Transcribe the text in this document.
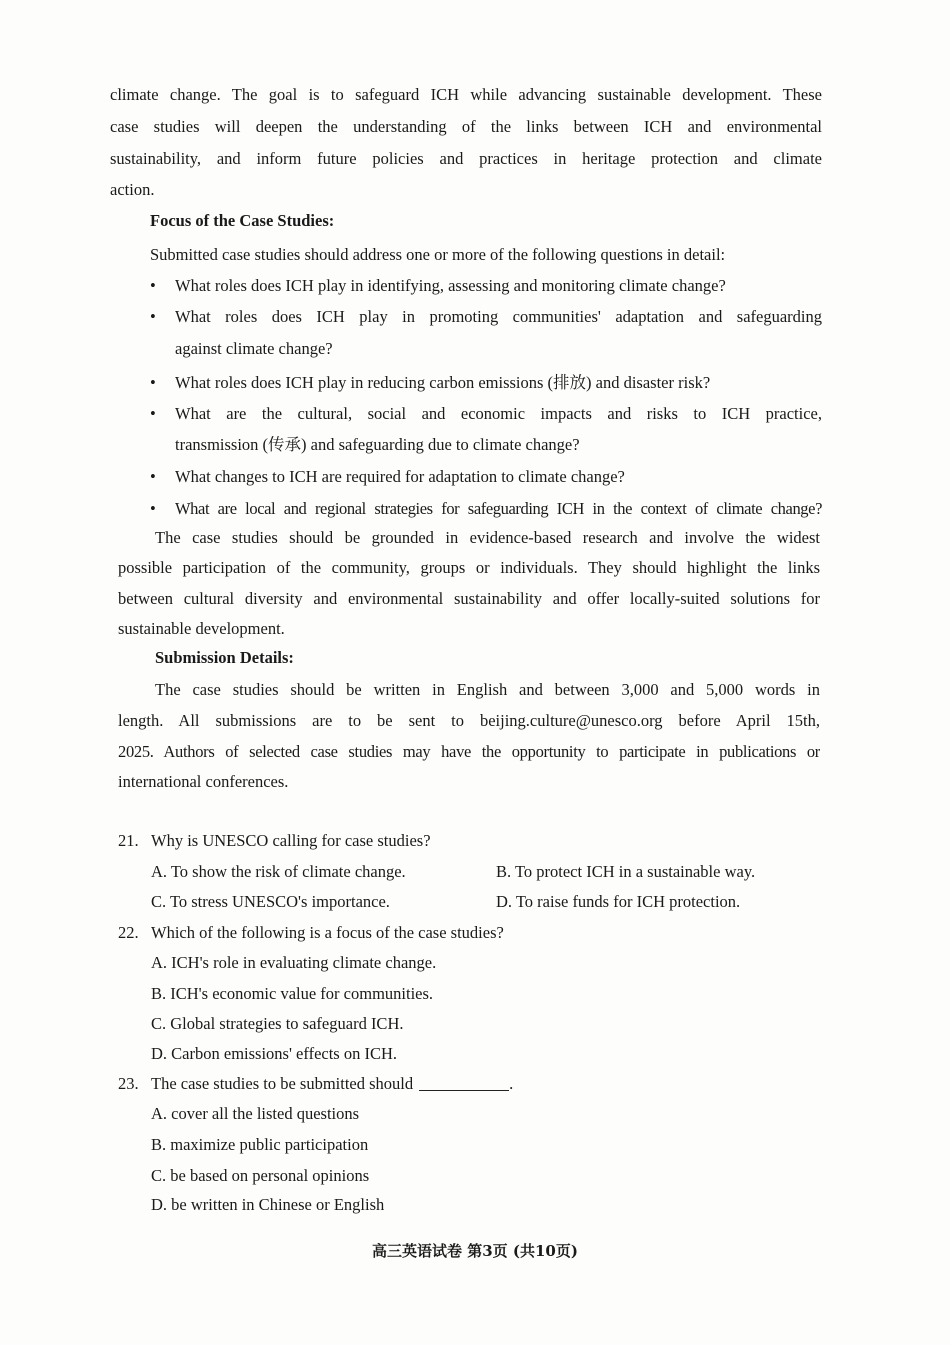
climate change. The goal is to safeguard ICH while advancing sustainable development. These
case studies will deepen the understanding of the links between ICH and environmental
sustainability, and inform future policies and practices in heritage protection and climate
action.
Focus of the Case Studies:
Submitted case studies should address one or more of the following questions in detail:
• What roles does ICH play in identifying, assessing and monitoring climate change?
• What roles does ICH play in promoting communities' adaptation and safeguarding
against climate change?
• What roles does ICH play in reducing carbon emissions (排放) and disaster risk?
• What are the cultural, social and economic impacts and risks to ICH practice,
transmission (传承) and safeguarding due to climate change?
• What changes to ICH are required for adaptation to climate change?
• What are local and regional strategies for safeguarding ICH in the context of climate change?
The case studies should be grounded in evidence-based research and involve the widest
possible participation of the community, groups or individuals. They should highlight the links
between cultural diversity and environmental sustainability and offer locally-suited solutions for
sustainable development.
Submission Details:
The case studies should be written in English and between 3,000 and 5,000 words in
length. All submissions are to be sent to beijing.culture@unesco.org before April 15th,
2025. Authors of selected case studies may have the opportunity to participate in publications or
international conferences.
21. Why is UNESCO calling for case studies?
A. To show the risk of climate change.	B. To protect ICH in a sustainable way.
C. To stress UNESCO's importance.	D. To raise funds for ICH protection.
22. Which of the following is a focus of the case studies?
A. ICH's role in evaluating climate change.
B. ICH's economic value for communities.
C. Global strategies to safeguard ICH.
D. Carbon emissions' effects on ICH.
23. The case studies to be submitted should	.
A. cover all the listed questions
B. maximize public participation
C. be based on personal opinions
D. be written in Chinese or English
高三英语试卷 第3页 (共10页)
